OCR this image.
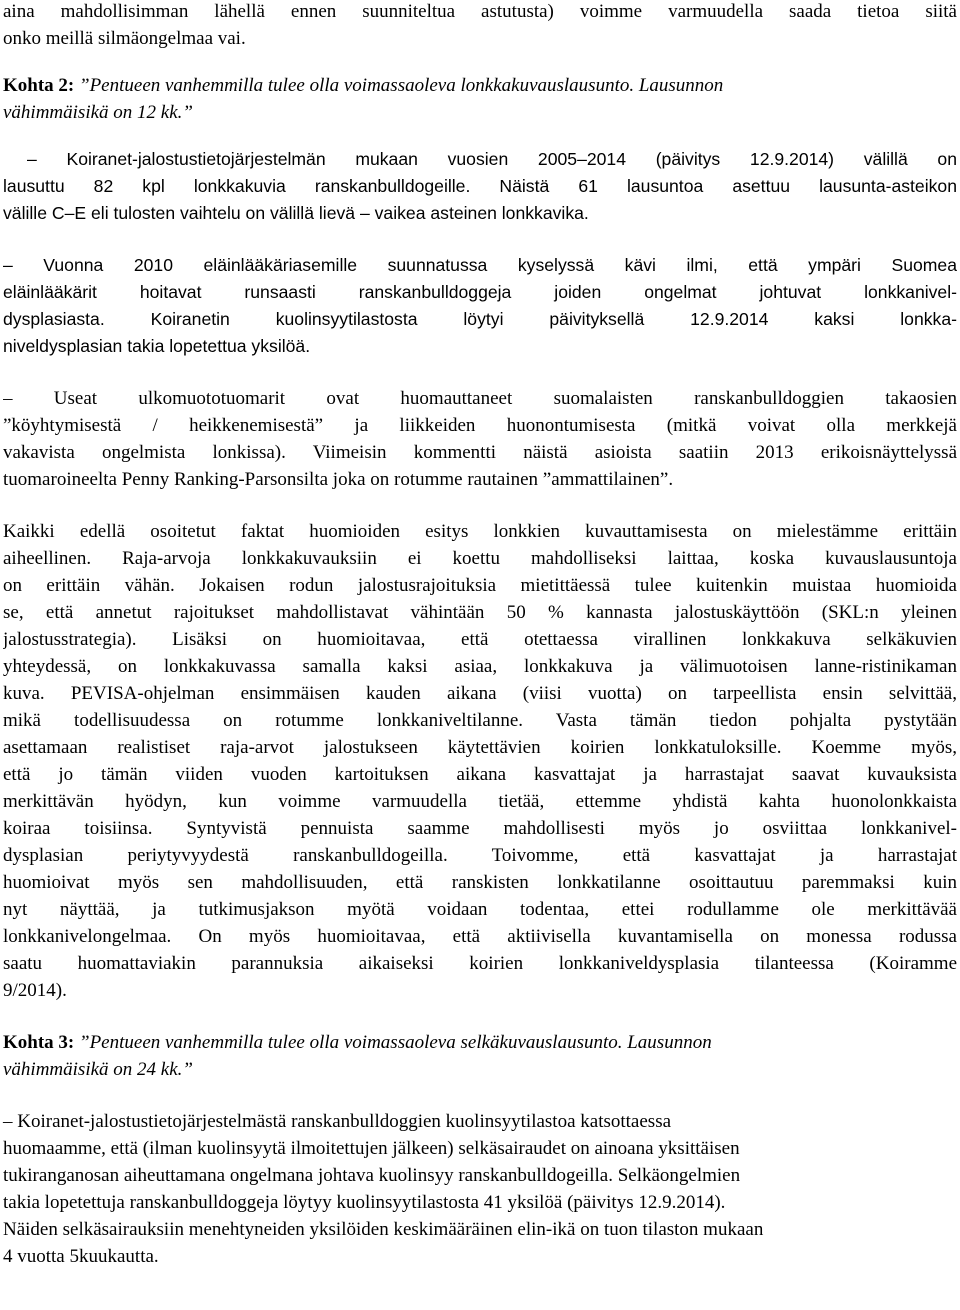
aina mahdollisimman lähellä ennen suunniteltua astutusta) voimme varmuudella saada tietoa siitä
onko meillä silmäongelmaa vai.
Kohta 2: ”Pentueen vanhemmilla tulee olla voimassaoleva lonkkakuvauslausunto. Lausunnon
vähimmäisikä on 12 kk.”
– Koiranet-jalostustietojärjestelmän mukaan vuosien 2005–2014 (päivitys 12.9.2014) välillä on
lausuttu 82 kpl lonkkakuvia ranskanbulldogeille. Näistä 61 lausuntoa asettuu lausunta-asteikon
välille C–E eli tulosten vaihtelu on välillä lievä – vaikea asteinen lonkkavika.
– Vuonna 2010 eläinlääkäriasemille suunnatussa kyselyssä kävi ilmi, että ympäri Suomea
eläinlääkärit hoitavat runsaasti ranskanbulldoggeja joiden ongelmat johtuvat lonkkanivel-
dysplasiasta. Koiranetin kuolinsyytilastosta löytyi päivityksellä 12.9.2014 kaksi lonkka-
niveldysplasian takia lopetettua yksilöä.
– Useat ulkomuototuomarit ovat huomauttaneet suomalaisten ranskanbulldoggien takaosien
”köyhtymisestä / heikkenemisestä” ja liikkeiden huonontumisesta (mitkä voivat olla merkkejä
vakavista ongelmista lonkissa). Viimeisin kommentti näistä asioista saatiin 2013 erikoisnäyttelyssä
tuomaroineelta Penny Ranking-Parsonsilta joka on rotumme rautainen ”ammattilainen”.
Kaikki edellä osoitetut faktat huomioiden esitys lonkkien kuvauttamisesta on mielestämme erittäin
aiheellinen. Raja-arvoja lonkkakuvauksiin ei koettu mahdolliseksi laittaa, koska kuvauslausuntoja
on erittäin vähän. Jokaisen rodun jalostusrajoituksia mietittäessä tulee kuitenkin muistaa huomioida
se, että annetut rajoitukset mahdollistavat vähintään 50 % kannasta jalostuskäyttöön (SKL:n yleinen
jalostusstrategia). Lisäksi on huomioitavaa, että otettaessa virallinen lonkkakuva selkäkuvien
yhteydessä, on lonkkakuvassa samalla kaksi asiaa, lonkkakuva ja välimuotoisen lanne-ristinikaman
kuva. PEVISA-ohjelman ensimmäisen kauden aikana (viisi vuotta) on tarpeellista ensin selvittää,
mikä todellisuudessa on rotumme lonkkaniveltilanne. Vasta tämän tiedon pohjalta pystytään
asettamaan realistiset raja-arvot jalostukseen käytettävien koirien lonkkatuloksille. Koemme myös,
että jo tämän viiden vuoden kartoituksen aikana kasvattajat ja harrastajat saavat kuvauksista
merkittävän hyödyn, kun voimme varmuudella tietää, ettemme yhdistä kahta huonolonkkaista
koiraa toisiinsa. Syntyvistä pennuista saamme mahdollisesti myös jo osviittaa lonkkanivel-
dysplasian periytyvyydestä ranskanbulldogeilla. Toivomme, että kasvattajat ja harrastajat
huomioivat myös sen mahdollisuuden, että ranskisten lonkkatilanne osoittautuu paremmaksi kuin
nyt näyttää, ja tutkimusjakson myötä voidaan todentaa, ettei rodullamme ole merkittävää
lonkkanivelongelmaa. On myös huomioitavaa, että aktiivisella kuvantamisella on monessa rodussa
saatu huomattaviakin parannuksia aikaiseksi koirien lonkkaniveldysplasia tilanteessa (Koiramme
9/2014).
Kohta 3: ”Pentueen vanhemmilla tulee olla voimassaoleva selkäkuvauslausunto. Lausunnon
vähimmäisikä on 24 kk.”
– Koiranet-jalostustietojärjestelmästä ranskanbulldoggien kuolinsyytilastoa katsottaessa
huomaamme, että (ilman kuolinsyytä ilmoitettujen jälkeen) selkäsairaudet on ainoana yksittäisen
tukiranganosan aiheuttamana ongelmana johtava kuolinsyy ranskanbulldogeilla. Selkäongelmien
takia lopetettuja ranskanbulldoggeja löytyy kuolinsyytilastosta 41 yksilöä (päivitys 12.9.2014).
Näiden selkäsairauksiin menehtyneiden yksilöiden keskimääräinen elin-ikä on tuon tilaston mukaan
4 vuotta 5kuukautta.
